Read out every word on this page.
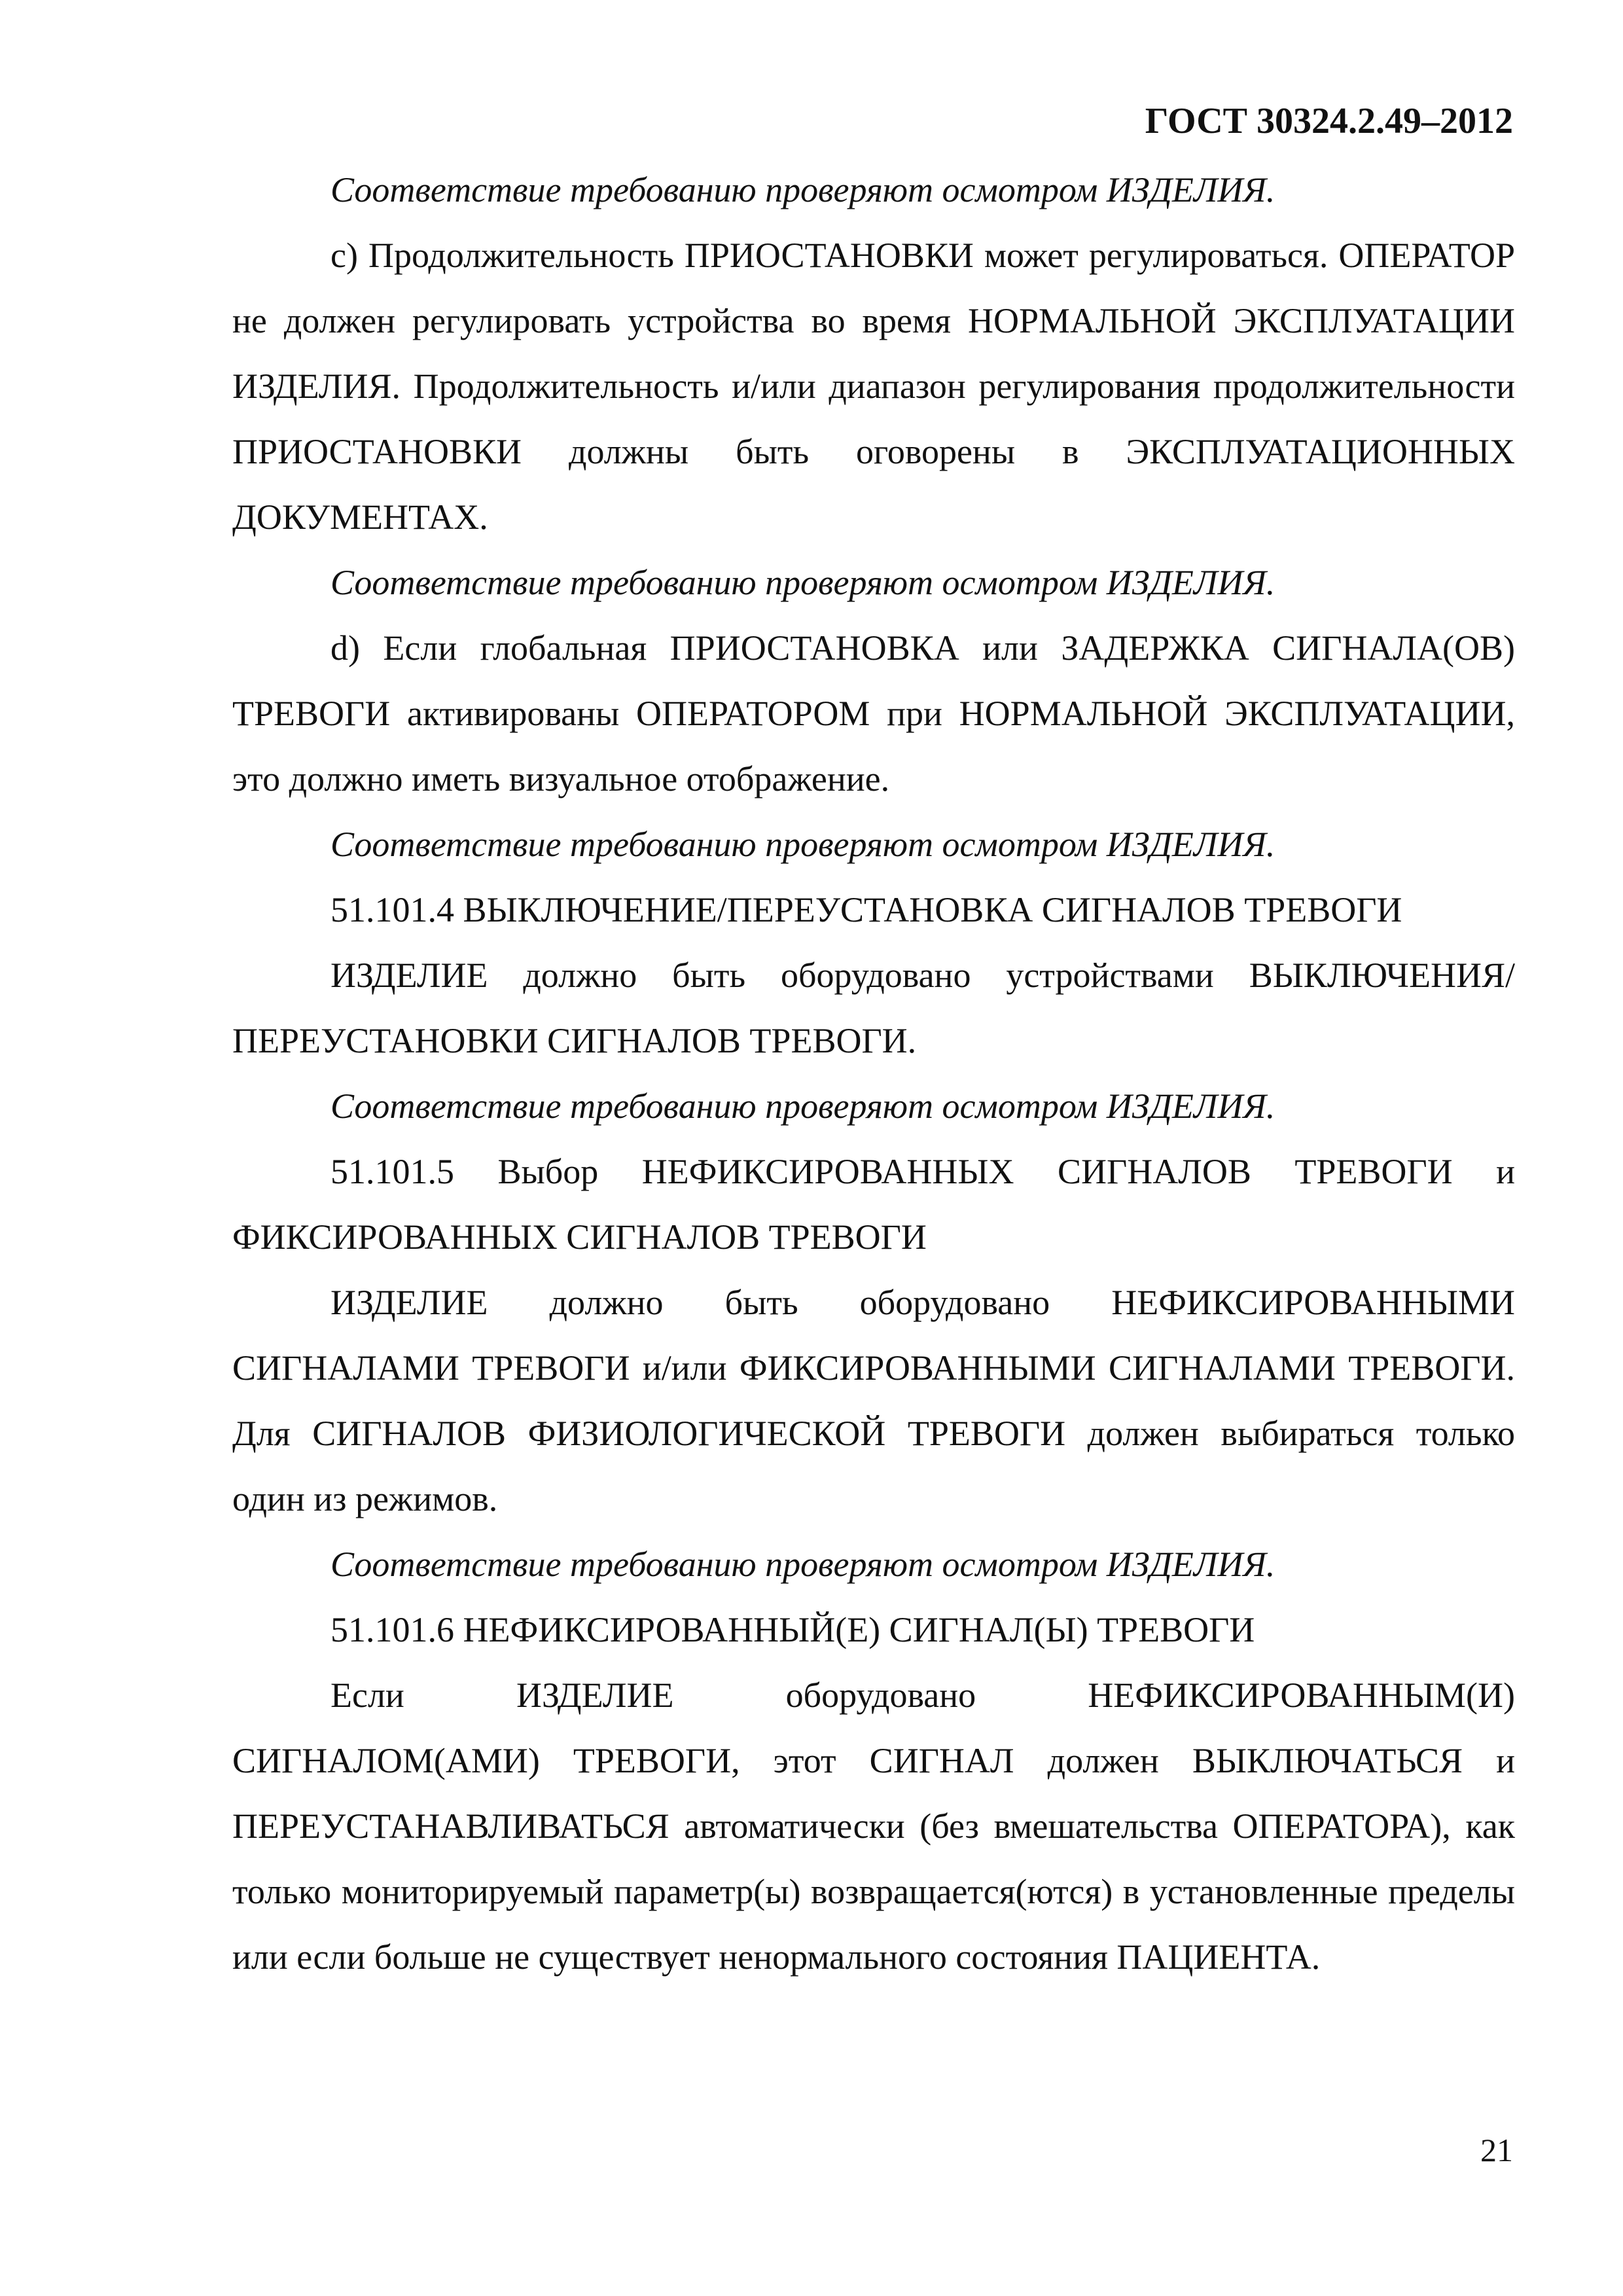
ГОСТ 30324.2.49–2012

Соответствие требованию проверяют осмотром ИЗДЕЛИЯ.

c) Продолжительность ПРИОСТАНОВКИ может регулироваться. ОПЕРАТОР не должен регулировать устройства во время НОРМАЛЬНОЙ ЭКСПЛУАТАЦИИ ИЗДЕЛИЯ. Продолжительность и/или диапазон регулирования продолжительности ПРИОСТАНОВКИ должны быть оговорены в ЭКСПЛУАТАЦИОННЫХ ДОКУМЕНТАХ.

Соответствие требованию проверяют осмотром ИЗДЕЛИЯ.

d) Если глобальная ПРИОСТАНОВКА или ЗАДЕРЖКА СИГНАЛА(ОВ) ТРЕВОГИ активированы ОПЕРАТОРОМ при НОРМАЛЬНОЙ ЭКСПЛУАТАЦИИ, это должно иметь визуальное отображение.

Соответствие требованию проверяют осмотром ИЗДЕЛИЯ.

51.101.4 ВЫКЛЮЧЕНИЕ/ПЕРЕУСТАНОВКА СИГНАЛОВ ТРЕВОГИ

ИЗДЕЛИЕ должно быть оборудовано устройствами ВЫКЛЮЧЕНИЯ/ПЕРЕУСТАНОВКИ СИГНАЛОВ ТРЕВОГИ.

Соответствие требованию проверяют осмотром ИЗДЕЛИЯ.

51.101.5 Выбор НЕФИКСИРОВАННЫХ СИГНАЛОВ ТРЕВОГИ и ФИКСИРОВАННЫХ СИГНАЛОВ ТРЕВОГИ

ИЗДЕЛИЕ должно быть оборудовано НЕФИКСИРОВАННЫМИ СИГНАЛАМИ ТРЕВОГИ и/или ФИКСИРОВАННЫМИ СИГНАЛАМИ ТРЕВОГИ. Для СИГНАЛОВ ФИЗИОЛОГИЧЕСКОЙ ТРЕВОГИ должен выбираться только один из режимов.

Соответствие требованию проверяют осмотром ИЗДЕЛИЯ.

51.101.6 НЕФИКСИРОВАННЫЙ(Е) СИГНАЛ(Ы) ТРЕВОГИ

Если ИЗДЕЛИЕ оборудовано НЕФИКСИРОВАННЫМ(И) СИГНАЛОМ(АМИ) ТРЕВОГИ, этот СИГНАЛ должен ВЫКЛЮЧАТЬСЯ и ПЕРЕУСТАНАВЛИВАТЬСЯ автоматически (без вмешательства ОПЕРАТОРА), как только мониторируемый параметр(ы) возвращается(ются) в установленные пределы или если больше не существует ненормального состояния ПАЦИЕНТА.

21
